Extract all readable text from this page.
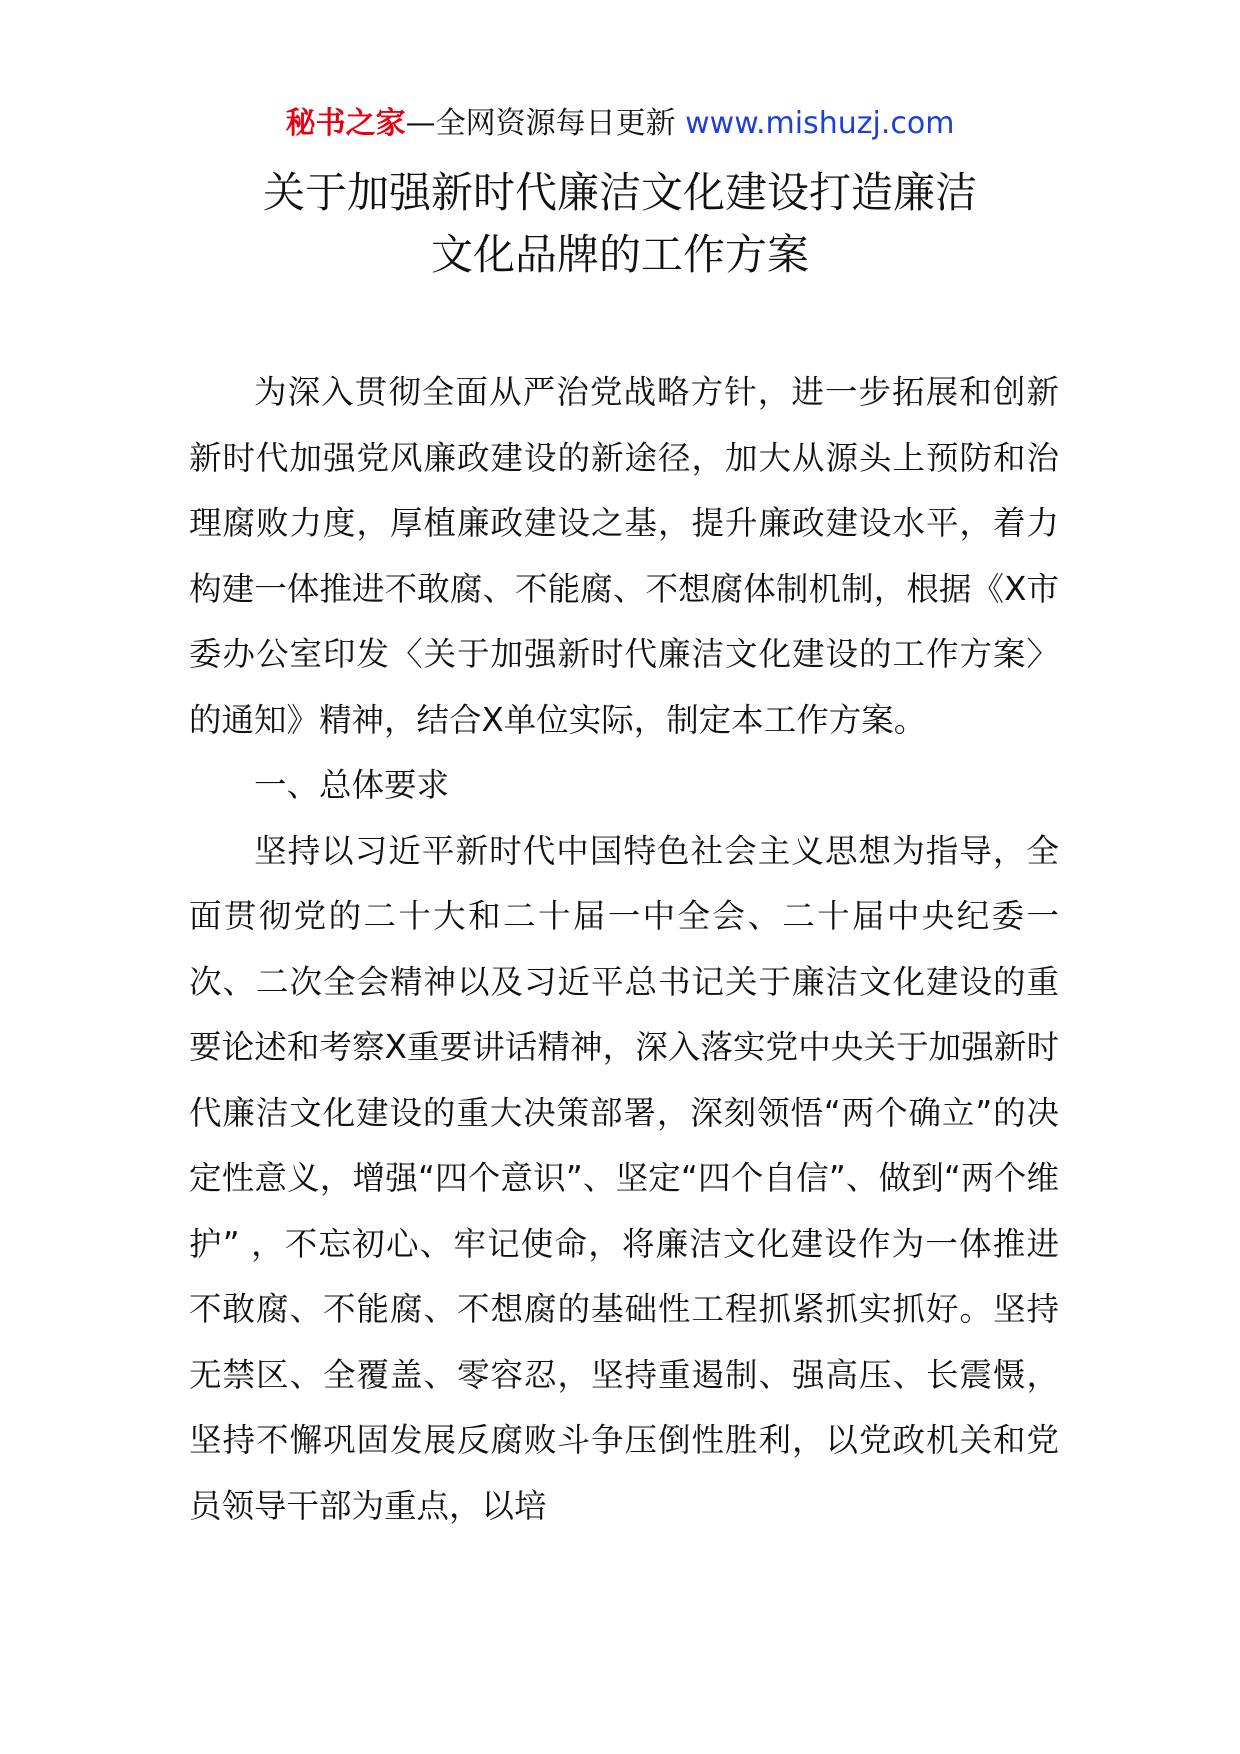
秘书之家—全网资源每日更新 www.mishuzj.com
关于加强新时代廉洁文化建设打造廉洁
文化品牌的工作方案

为深入贯彻全面从严治党战略方针，进一步拓展和创新新时代加强党风廉政建设的新途径，加大从源头上预防和治理腐败力度，厚植廉政建设之基，提升廉政建设水平，着力构建一体推进不敢腐、不能腐、不想腐体制机制，根据《X市委办公室印发〈关于加强新时代廉洁文化建设的工作方案〉的通知》精神，结合X单位实际，制定本工作方案。

一、总体要求

坚持以习近平新时代中国特色社会主义思想为指导，全面贯彻党的二十大和二十届一中全会、二十届中央纪委一次、二次全会精神以及习近平总书记关于廉洁文化建设的重要论述和考察X重要讲话精神，深入落实党中央关于加强新时代廉洁文化建设的重大决策部署，深刻领悟“两个确立”的决定性意义，增强“四个意识”、坚定“四个自信”、做到“两个维护” ，不忘初心、牢记使命，将廉洁文化建设作为一体推进不敢腐、不能腐、不想腐的基础性工程抓紧抓实抓好。坚持无禁区、全覆盖、零容忍，坚持重遏制、强高压、长震慑，坚持不懈巩固发展反腐败斗争压倒性胜利，以党政机关和党员领导干部为重点，以培
